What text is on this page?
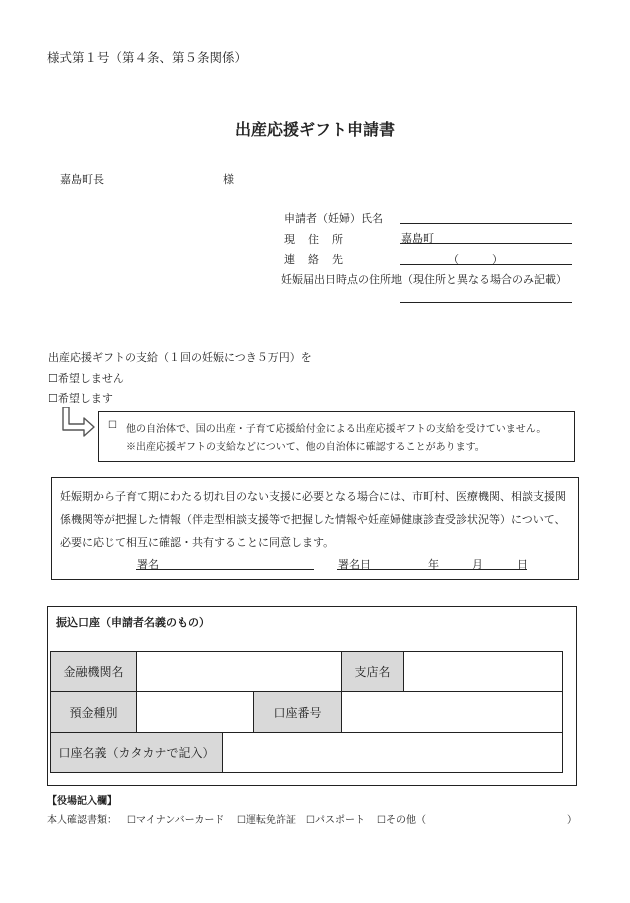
様式第１号（第４条、第５条関係）
出産応援ギフト申請書
嘉島町長	様
申請者（妊婦）氏名
現　住　所	嘉島町
連　絡　先	（　　　）
妊娠届出日時点の住所地（現住所と異なる場合のみ記載）
出産応援ギフトの支給（１回の妊娠につき５万円）を
☐希望しません
☐希望します
☐ 他の自治体で、国の出産・子育て応援給付金による出産応援ギフトの支給を受けていません。
※出産応援ギフトの支給などについて、他の自治体に確認することがあります。
妊娠期から子育て期にわたる切れ目のない支援に必要となる場合には、市町村、医療機関、相談支援関
係機関等が把握した情報（伴走型相談支援等で把握した情報や妊産婦健康診査受診状況等）について、
必要に応じて相互に確認・共有することに同意します。
署名	署名日	年	月	日
振込口座（申請者名義のもの）
金融機関名	支店名
預金種別	口座番号
口座名義（カタカナで記入）
【役場記入欄】
本人確認書類： ☐マイナンバーカード ☐運転免許証 ☐パスポート ☐その他（	）
